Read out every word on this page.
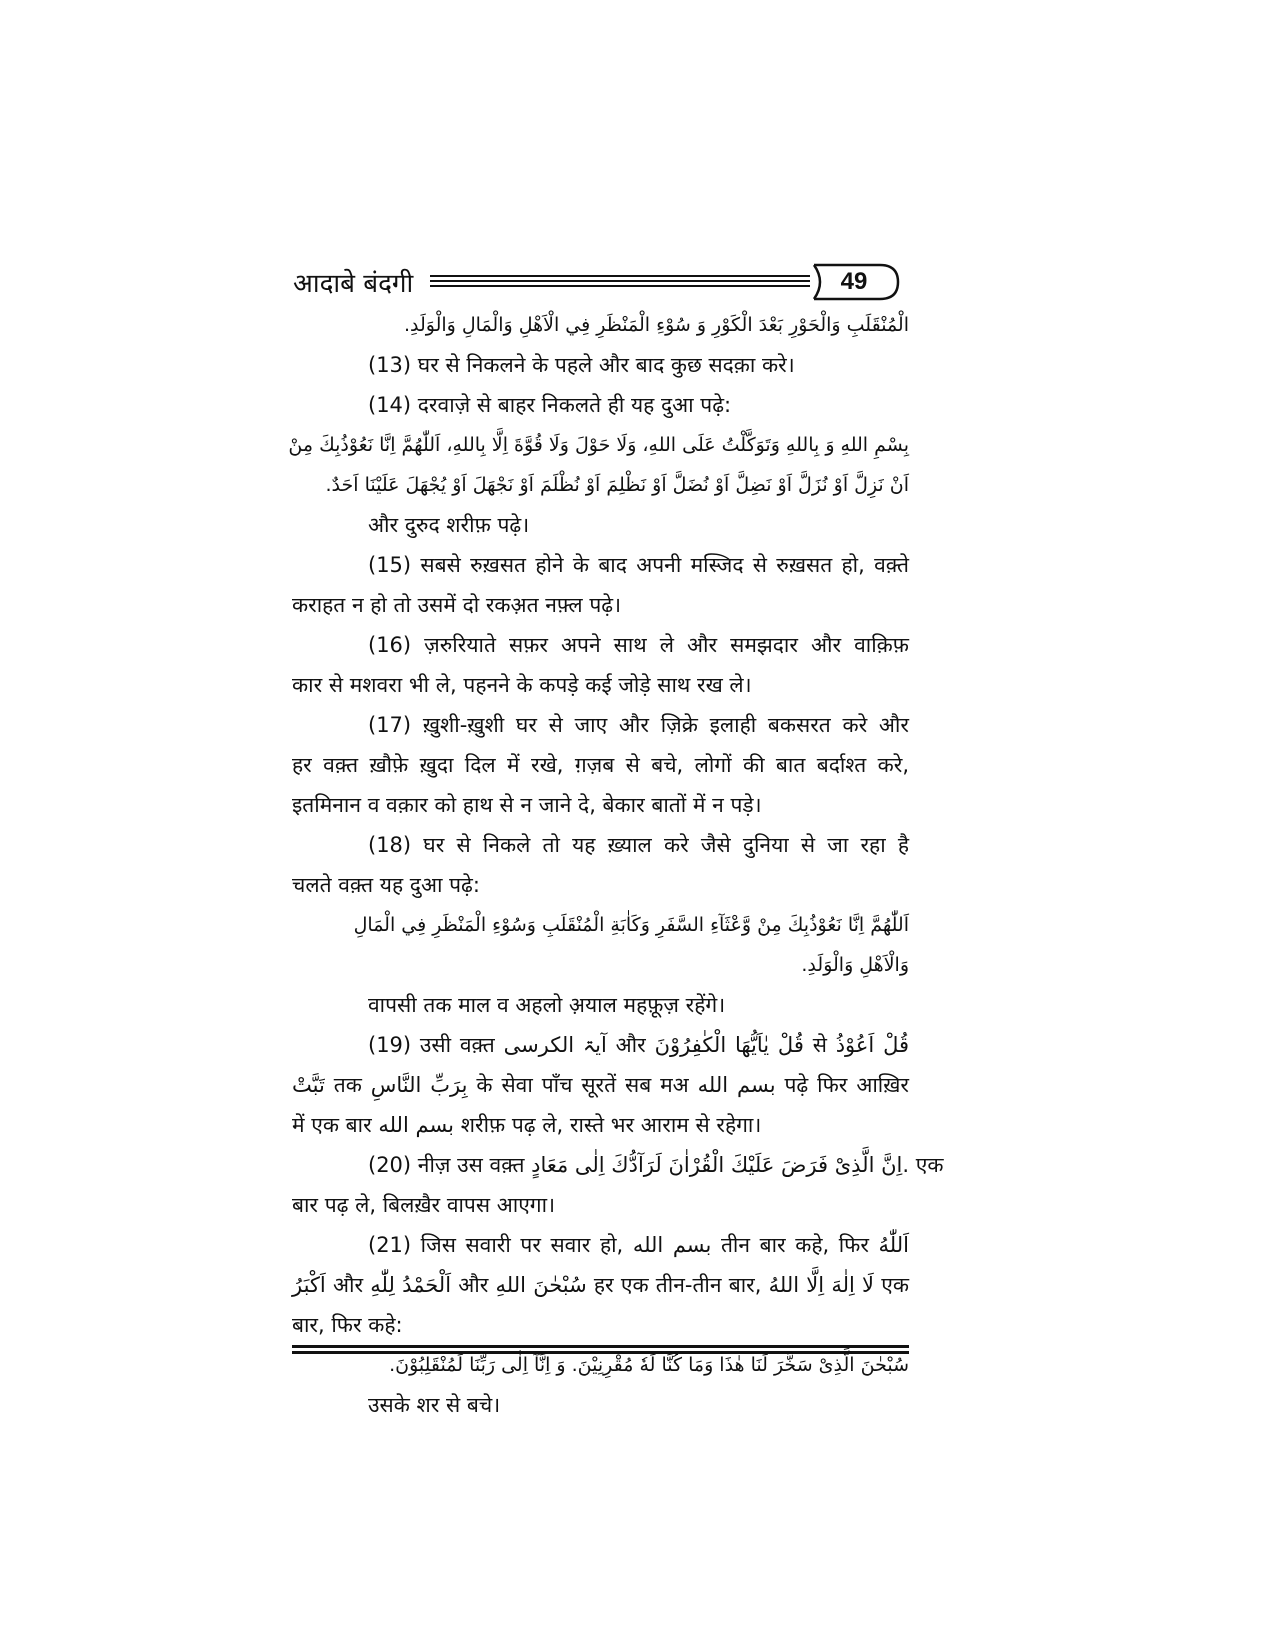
आदाबे बंदगी	49
الْمُنْقَلَبِ وَالْحَوْرِ بَعْدَ الْكَوْرِ وَ سُوْءِ الْمَنْظَرِ فِي الْاَهْلِ وَالْمَالِ وَالْوَلَدِ.
(13) घर से निकलने के पहले और बाद कुछ सदक़ा करे।
(14) दरवाज़े से बाहर निकलते ही यह दुआ पढ़े:
بِسْمِ اللهِ وَ بِاللهِ وَتَوَكَّلْتُ عَلَى اللهِ، وَلَا حَوْلَ وَلَا قُوَّةَ اِلَّا بِاللهِ، اَللّٰهُمَّ اِنَّا نَعُوْذُبِكَ مِنْ
اَنْ نَزِلَّ اَوْ نُزَلَّ اَوْ نَضِلَّ اَوْ نُضَلَّ اَوْ نَظْلِمَ اَوْ نُظْلَمَ اَوْ نَجْهَلَ اَوْ يُجْهَلَ عَلَيْنَا اَحَدٌ.
और दुरुद शरीफ़ पढ़े।
(15) सबसे रुख़सत होने के बाद अपनी मस्जिद से रुख़सत हो, वक़्ते
कराहत न हो तो उसमें दो रकअ़त नफ़्ल पढ़े।
(16) ज़रुरियाते सफ़र अपने साथ ले और समझदार और वाक़िफ़
कार से मशवरा भी ले, पहनने के कपड़े कई जोड़े साथ रख ले।
(17) ख़ुशी-ख़ुशी घर से जाए और ज़िक्रे इलाही बकसरत करे और
हर वक़्त ख़ौफ़े ख़ुदा दिल में रखे, ग़ज़ब से बचे, लोगों की बात बर्दाश्त करे,
इतमिनान व वक़ार को हाथ से न जाने दे, बेकार बातों में न पड़े।
(18) घर से निकले तो यह ख़्याल करे जैसे दुनिया से जा रहा है
चलते वक़्त यह दुआ पढ़े:
اَللّٰهُمَّ اِنَّا نَعُوْذُبِكَ مِنْ وَّعْثَآءِ السَّفَرِ وَكَاٰبَةِ الْمُنْقَلَبِ وَسُوْءِ الْمَنْظَرِ فِي الْمَالِ
وَالْاَهْلِ وَالْوَلَدِ.
वापसी तक माल व अहलो अ़याल महफ़ूज़ रहेंगे।
(19) उसी वक़्त آیۃ الکرسی और قُلْ يٰاَيُّهَا الْكٰفِرُوْنَ से قُلْ اَعُوْذُ
تَبَّتْ तक بِرَبِّ النَّاسِ के सेवा पाँच सूरतें सब मअ بسم الله पढ़े फिर आख़िर
में एक बार بسم الله शरीफ़ पढ़ ले, रास्ते भर आराम से रहेगा।
(20) नीज़ उस वक़्त اِنَّ الَّذِىْ فَرَضَ عَلَيْكَ الْقُرْاٰنَ لَرَآدُّكَ اِلٰى مَعَادٍ. एक
बार पढ़ ले, बिलख़ैर वापस आएगा।
(21) जिस सवारी पर सवार हो, بسم الله तीन बार कहे, फिर اَللّٰهُ
اَكْبَرُ और اَلْحَمْدُ لِلّٰهِ और سُبْحٰنَ اللهِ हर एक तीन-तीन बार, لَا اِلٰهَ اِلَّا اللهُ एक
बार, फिर कहे:
سُبْحٰنَ الَّذِىْ سَخَّرَ لَنَا هٰذَا وَمَا كُنَّا لَهٗ مُقْرِنِيْنَ. وَ اِنَّآ اِلٰى رَبِّنَا لَمُنْقَلِبُوْنَ.
उसके शर से बचे।
